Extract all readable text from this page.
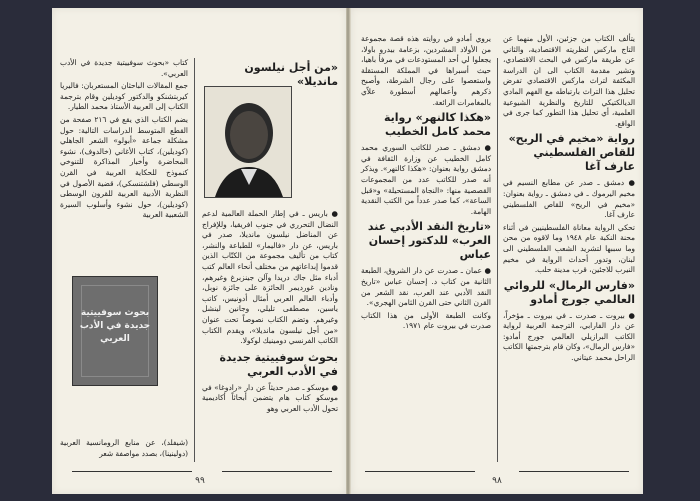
«من أجل نيلسون مانديلا»
● باريس ـ في إطار الحملة العالمية لدعم النضال التحرري في جنوب افريقيا، وللإفراج عن المناضل نيلسون مانديلا، صدر في باريس، عن دار «فاليمار» للطباعة والنشر، كتاب من تأليف مجموعة من الكتّاب الذين قدموا إبداعاتهم من مختلف أنحاء العالم كتب أدباء مثل جاك دريدا وآلن جينزبرغ وغيرهم، ونادين غورديمر الحائزة على جائزة نوبل، وأدباء العالم العربي أمثال أدونيس، كاتب ياسين، مصطفى تليلي، وجانين لينشل وغيرهم. وتضم الكتاب نصوصاً تحت عنوان «من أجل نيلسون مانديلا»، ويقدم الكتاب الكاتب الفرنسي دومينيك لوكولا.
بحوث سوفييتية جديدة في الأدب العربي
● موسكو ـ صدر حديثاً عن دار «رادوغا» في موسكو كتاب هام يتضمن أبحاثاً أكاديمية تحول الأدب العربي وهو
كتاب «بحوث سوفييتية جديدة في الأدب العربي».
جمع المقالات الباحثان المستعربان: فاليريا كيربتشنكو والدكتور كوديلين وقام بترجمة الكتاب إلى العربية الأستاذ محمد الطيار.
يضم الكتاب الذي يقع في ٢١٦ صفحة من القطع المتوسط الدراسات التالية: حول مشكلة جماعة «أبولو» الشعر الجاهلي (كوديلين)، كتاب الأغاني (خالدوف)، نشوء المحاضرة وأخبار المذاكرة للتنوخي كنموذج للحكاية العربية في القرن الوسطي (فلشتنسكي)، قضية الأصول في النظرية الأدبية العربية للقرون الوسطى (كوديلين)، حول نشوء وأسلوب السيرة الشعبية العربية
بحوث سوفييتية جديدة في الأدب العربي
(شيفلد)، عن منابع الرومانسية العربية (دولينينا)، بصدد مواصفة شعر
٩٩
يتألف الكتاب من جزئين، الأول منهما عن التاج ماركس لنظريته الاقتصادية، والثاني عن طريقة ماركس في البحث الاقتصادي، وتشير مقدمة الكتاب الى ان الدراسة المكثفة لتراث ماركس الاقتصادي تفرض تحليل هذا التراث بارتباطه مع الفهم المادي الديالكتيكي للتاريخ والنظرية الشيوعية العلمية، أي تحليل هذا التطور كما جرى في الواقع.
رواية «مخيم في الريح» للقاص الفلسطيني عارف آغا
● دمشق ـ صدر عن مطابع النسيم في مخيم اليرموك ـ في دمشق ـ رواية بعنوان: «مخيم في الريح» للقاص الفلسطيني عارف آغا.
تحكي الرواية معاناة الفلسطينيين في أثناء محنة النكبة عام ١٩٤٨ وما لاقوه من محن وما سببها لتشريد الشعب الفلسطيني الى لبنان، وتدور أحداث الرواية في مخيم النيرب للاجئين، قرب مدينة حلب.
«فارس الرمال» للروائي العالمي جورج أمادو
● بيروت ـ صدرت ـ في بيروت ـ مؤخراً، عن دار الفارابي، الترجمة العربية لرواية الكاتب البرازيلي العالمي جورج أمادو: «فارس الرمال»، وكان قام بترجمتها الكاتب الراحل محمد عيتاني.
يروي أمادو في روايته هذه قصة مجموعة من الأولاد المشردين، بزعامة بيدرو باولا، يجعلوا لي أحد المستودعات في مرفأ باهيا، حيث أسبراها في المملكة المستقلة واستعصوا على رجال الشرطة، وأصبح ذكرهم وأعمالهم أسطورة علاّي بالمغامرات الرائعة.
«هكذا كالنهر» رواية محمد كامل الخطيب
● دمشق ـ صدر للكاتب السوري محمد كامل الخطيب عن وزارة الثقافة في دمشق رواية بعنوان: «هكذا كالنهر». ويذكر أنه صدر للكاتب عدد من المجموعات القصصية منها: «النجاة المستحيلة» و«قبل الساعة»، كما صدر عدداً من الكتب النقدية الهامة.
«تاريخ النقد الأدبي عند العرب» للدكتور إحسان عباس
● عمان ـ صدرت عن دار الشروق، الطبعة الثانية من كتاب د. إحسان عباس «تاريخ النقد الأدبي عند العرب، نقد الشعر من القرن الثاني حتى القرن الثامن الهجري».
وكانت الطبعة الأولى من هذا الكتاب صدرت في بيروت عام ١٩٧١.
٩٨
